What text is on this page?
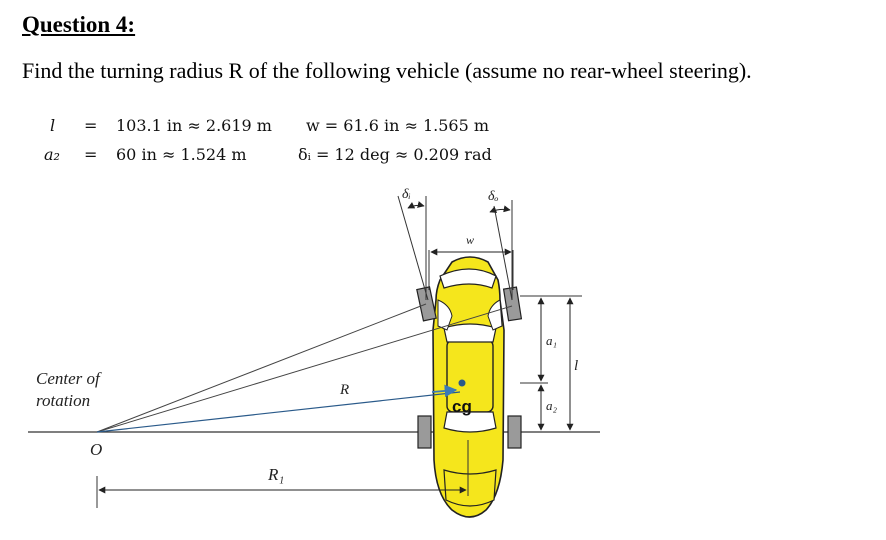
Question 4:
Find the turning radius R of the following vehicle (assume no rear-wheel steering).
l = 103.1 in ≈ 2.619 m w = 61.6 in ≈ 1.565 m
a₂ = 60 in ≈ 1.524 m	δᵢ = 12 deg ≈ 0.209 rad
δᵢ	δₒ
w
R
cg
Center of
rotation
O
R₁
a₁
a₂
l
